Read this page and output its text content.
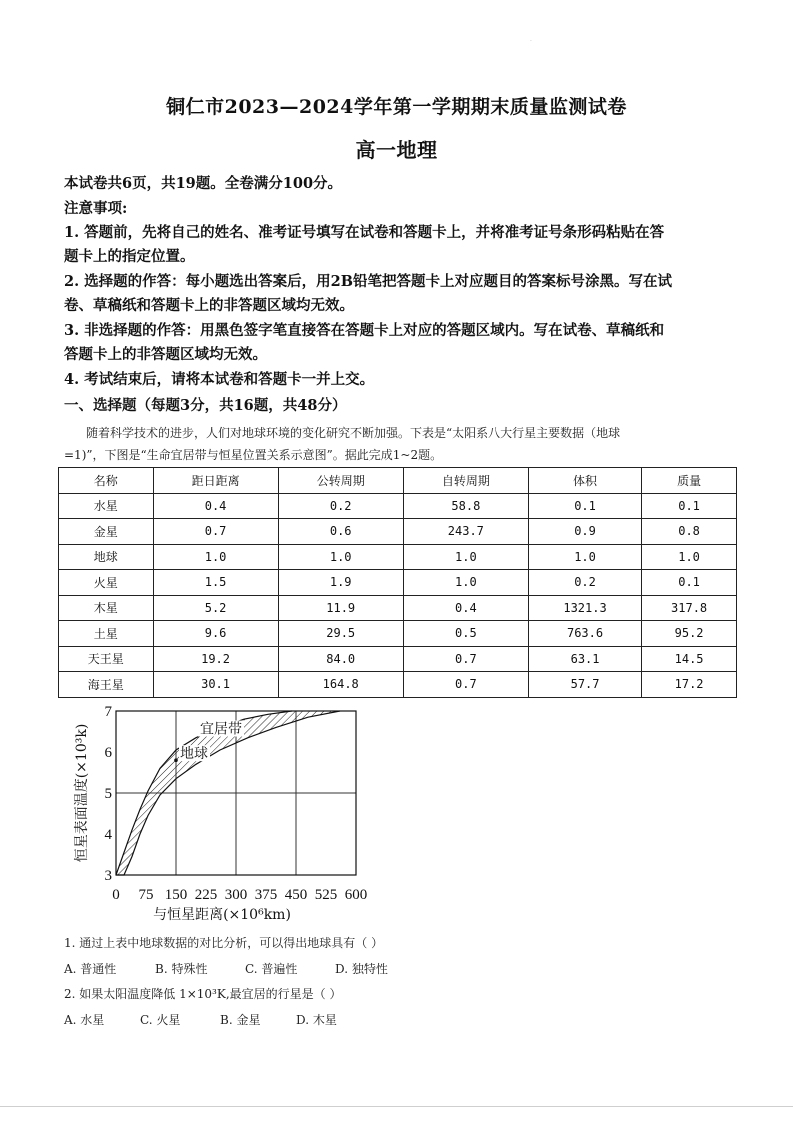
.
铜仁市2023—2024学年第一学期期末质量监测试卷
高一地理
本试卷共6页，共19题。全卷满分100分。
注意事项:
1. 答题前，先将自己的姓名、准考证号填写在试卷和答题卡上，并将准考证号条形码粘贴在答
题卡上的指定位置。
2. 选择题的作答：每小题选出答案后，用2B铅笔把答题卡上对应题目的答案标号涂黑。写在试
卷、草稿纸和答题卡上的非答题区域均无效。
3. 非选择题的作答：用黑色签字笔直接答在答题卡上对应的答题区域内。写在试卷、草稿纸和
答题卡上的非答题区域均无效。
4. 考试结束后，请将本试卷和答题卡一并上交。
一、选择题（每题3分，共16题，共48分）
随着科学技术的进步，人们对地球环境的变化研究不断加强。下表是“太阳系八大行星主要数据（地球
=1)”，下图是“生命宜居带与恒星位置关系示意图”。据此完成1~2题。
名称	距日距离	公转周期	自转周期	体积	质量
水星	0.4	0.2	58.8	0.1	0.1
金星	0.7	0.6	243.7	0.9	0.8
地球	1.0	1.0	1.0	1.0	1.0
火星	1.5	1.9	1.0	0.2	0.1
木星	5.2	11.9	0.4	1321.3	317.8
土星	9.6	29.5	0.5	763.6	95.2
天王星	19.2	84.0	0.7	63.1	14.5
海王星	30.1	164.8	0.7	57.7	17.2
宜居带
地球
0 75 150 225 300 375 450 525 600
3
4
5
6
7
与恒星距离(×10⁶km)
恒星表面温度(×10³k)
1. 通过上表中地球数据的对比分析，可以得出地球具有（ ）
A. 普通性	B. 特殊性	C. 普遍性	D. 独特性
2. 如果太阳温度降低 1×10³K,最宜居的行星是（ ）
A. 水星	C. 火星	B. 金星	D. 木星
